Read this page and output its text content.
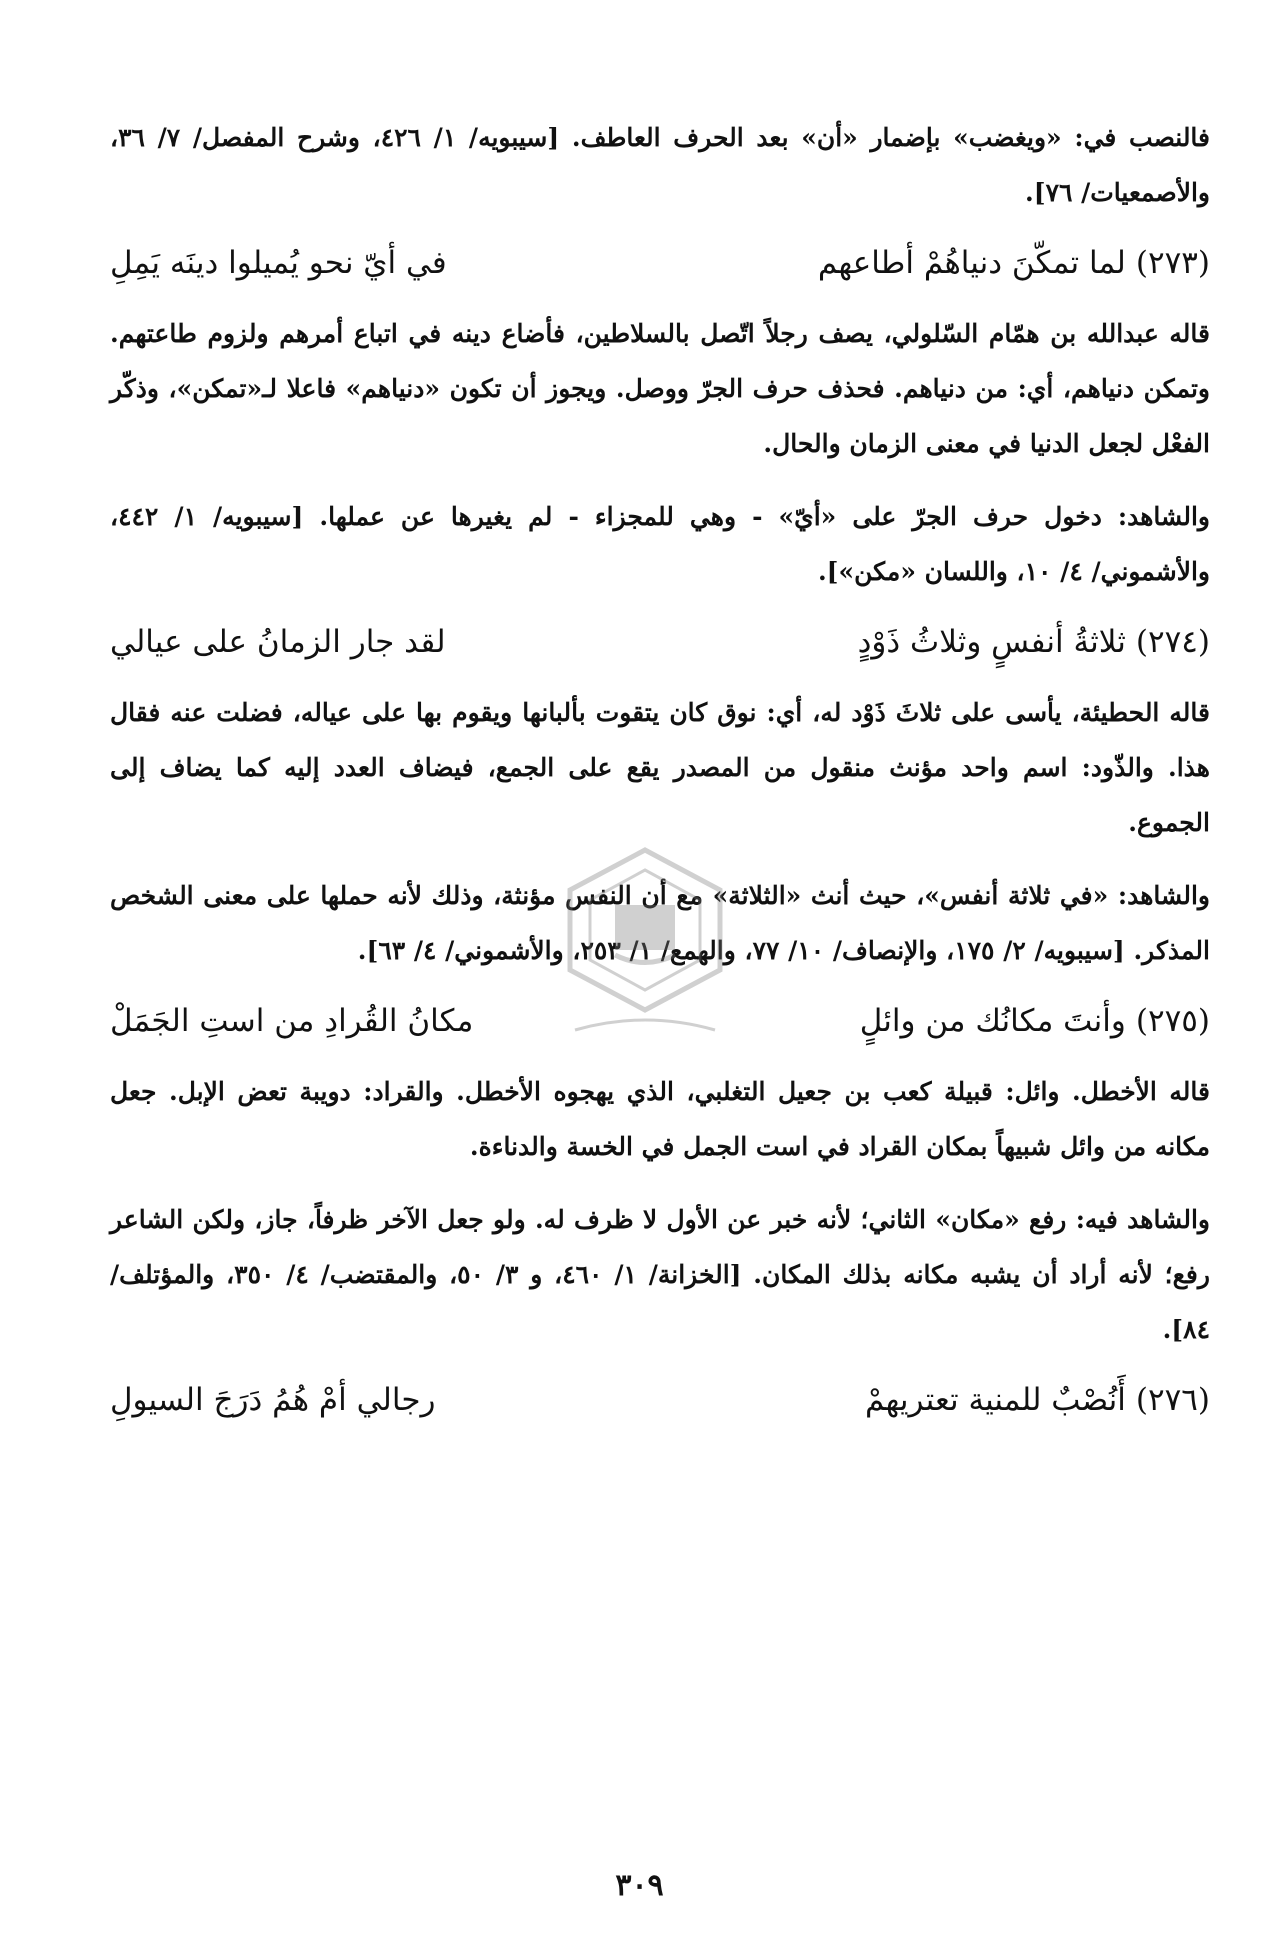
فالنصب في: «ويغضب» بإضمار «أن» بعد الحرف العاطف. [سيبويه/ ١/ ٤٢٦، وشرح المفصل/ ٧/ ٣٦، والأصمعيات/ ٧٦].

(٢٧٣)
لما تمكّنَ دنياهُمْ أطاعهم
في أيّ نحو يُميلوا دينَه يَمِلِ

قاله عبدالله بن همّام السّلولي، يصف رجلاً اتّصل بالسلاطين، فأضاع دينه في اتباع أمرهم ولزوم طاعتهم. وتمكن دنياهم، أي: من دنياهم. فحذف حرف الجرّ ووصل. ويجوز أن تكون «دنياهم» فاعلا لـ«تمكن»، وذكّر الفعْل لجعل الدنيا في معنى الزمان والحال.

والشاهد: دخول حرف الجرّ على «أيّ» - وهي للمجزاء - لم يغيرها عن عملها. [سيبويه/ ١/ ٤٤٢، والأشموني/ ٤/ ١٠، واللسان «مكن»].

(٢٧٤)
ثلاثةُ أنفسٍ وثلاثُ ذَوْدٍ
لقد جار الزمانُ على عيالي

قاله الحطيئة، يأسى على ثلاثَ ذَوْد له، أي: نوق كان يتقوت بألبانها ويقوم بها على عياله، فضلت عنه فقال هذا. والذّود: اسم واحد مؤنث منقول من المصدر يقع على الجمع، فيضاف العدد إليه كما يضاف إلى الجموع.

والشاهد: «في ثلاثة أنفس»، حيث أنث «الثلاثة» مع أن النفس مؤنثة، وذلك لأنه حملها على معنى الشخص المذكر. [سيبويه/ ٢/ ١٧٥، والإنصاف/ ١٠/ ٧٧، والهمع/ ١/ ٢٥٣، والأشموني/ ٤/ ٦٣].

(٢٧٥)
وأنتَ مكانُك من وائلٍ
مكانُ القُرادِ من استِ الجَمَلْ

قاله الأخطل. وائل: قبيلة كعب بن جعيل التغلبي، الذي يهجوه الأخطل. والقراد: دويبة تعض الإبل. جعل مكانه من وائل شبيهاً بمكان القراد في است الجمل في الخسة والدناءة.

والشاهد فيه: رفع «مكان» الثاني؛ لأنه خبر عن الأول لا ظرف له. ولو جعل الآخر ظرفاً، جاز، ولكن الشاعر رفع؛ لأنه أراد أن يشبه مكانه بذلك المكان. [الخزانة/ ١/ ٤٦٠، و ٣/ ٥٠، والمقتضب/ ٤/ ٣٥٠، والمؤتلف/ ٨٤].

(٢٧٦)
أَنُصْبٌ للمنية تعتريهمْ
رجالي أمْ هُمُ دَرَجَ السيولِ
٣٠٩
